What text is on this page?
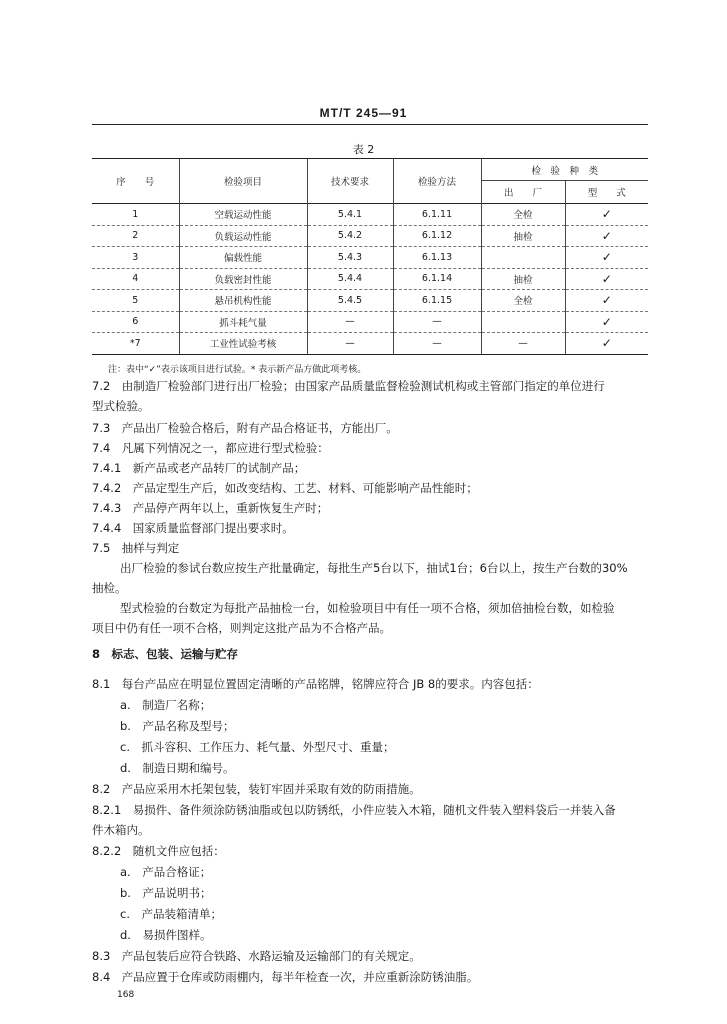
MT/T 245—91
表 2
序　　号	检验项目	技术要求	检验方法	检　验　种　类	
				出　　厂	型　　式
1	空载运动性能	5.4.1	6.1.11	全检	✓
2	负载运动性能	5.4.2	6.1.12	抽检	✓
3	偏载性能	5.4.3	6.1.13		✓
4	负载密封性能	5.4.4	6.1.14	抽检	✓
5	悬吊机构性能	5.4.5	6.1.15	全检	✓
6	抓斗耗气量	—	—		✓
*7	工业性试验考核	—	—	—	✓
注：表中“✓”表示该项目进行试验。* 表示新产品方做此项考核。
7.2　由制造厂检验部门进行出厂检验；由国家产品质量监督检验测试机构或主管部门指定的单位进行
型式检验。
7.3　产品出厂检验合格后，附有产品合格证书，方能出厂。
7.4　凡属下列情况之一，都应进行型式检验：
7.4.1　新产品或老产品转厂的试制产品；
7.4.2　产品定型生产后，如改变结构、工艺、材料、可能影响产品性能时；
7.4.3　产品停产两年以上，重新恢复生产时；
7.4.4　国家质量监督部门提出要求时。
7.5　抽样与判定
出厂检验的参试台数应按生产批量确定，每批生产5台以下，抽试1台；6台以上，按生产台数的30%
抽检。
型式检验的台数定为每批产品抽检一台，如检验项目中有任一项不合格，须加倍抽检台数，如检验
项目中仍有任一项不合格，则判定这批产品为不合格产品。
8　标志、包装、运输与贮存
8.1　每台产品应在明显位置固定清晰的产品铭牌，铭牌应符合 JB 8的要求。内容包括：
a.　制造厂名称；
b.　产品名称及型号；
c.　抓斗容积、工作压力、耗气量、外型尺寸、重量；
d.　制造日期和编号。
8.2　产品应采用木托架包装，装钉牢固并采取有效的防雨措施。
8.2.1　易损件、备件须涂防锈油脂或包以防锈纸，小件应装入木箱，随机文件装入塑料袋后一并装入备
件木箱内。
8.2.2　随机文件应包括：
a.　产品合格证；
b.　产品说明书；
c.　产品装箱清单；
d.　易损件图样。
8.3　产品包装后应符合铁路、水路运输及运输部门的有关规定。
8.4　产品应置于仓库或防雨棚内，每半年检查一次，并应重新涂防锈油脂。
168
